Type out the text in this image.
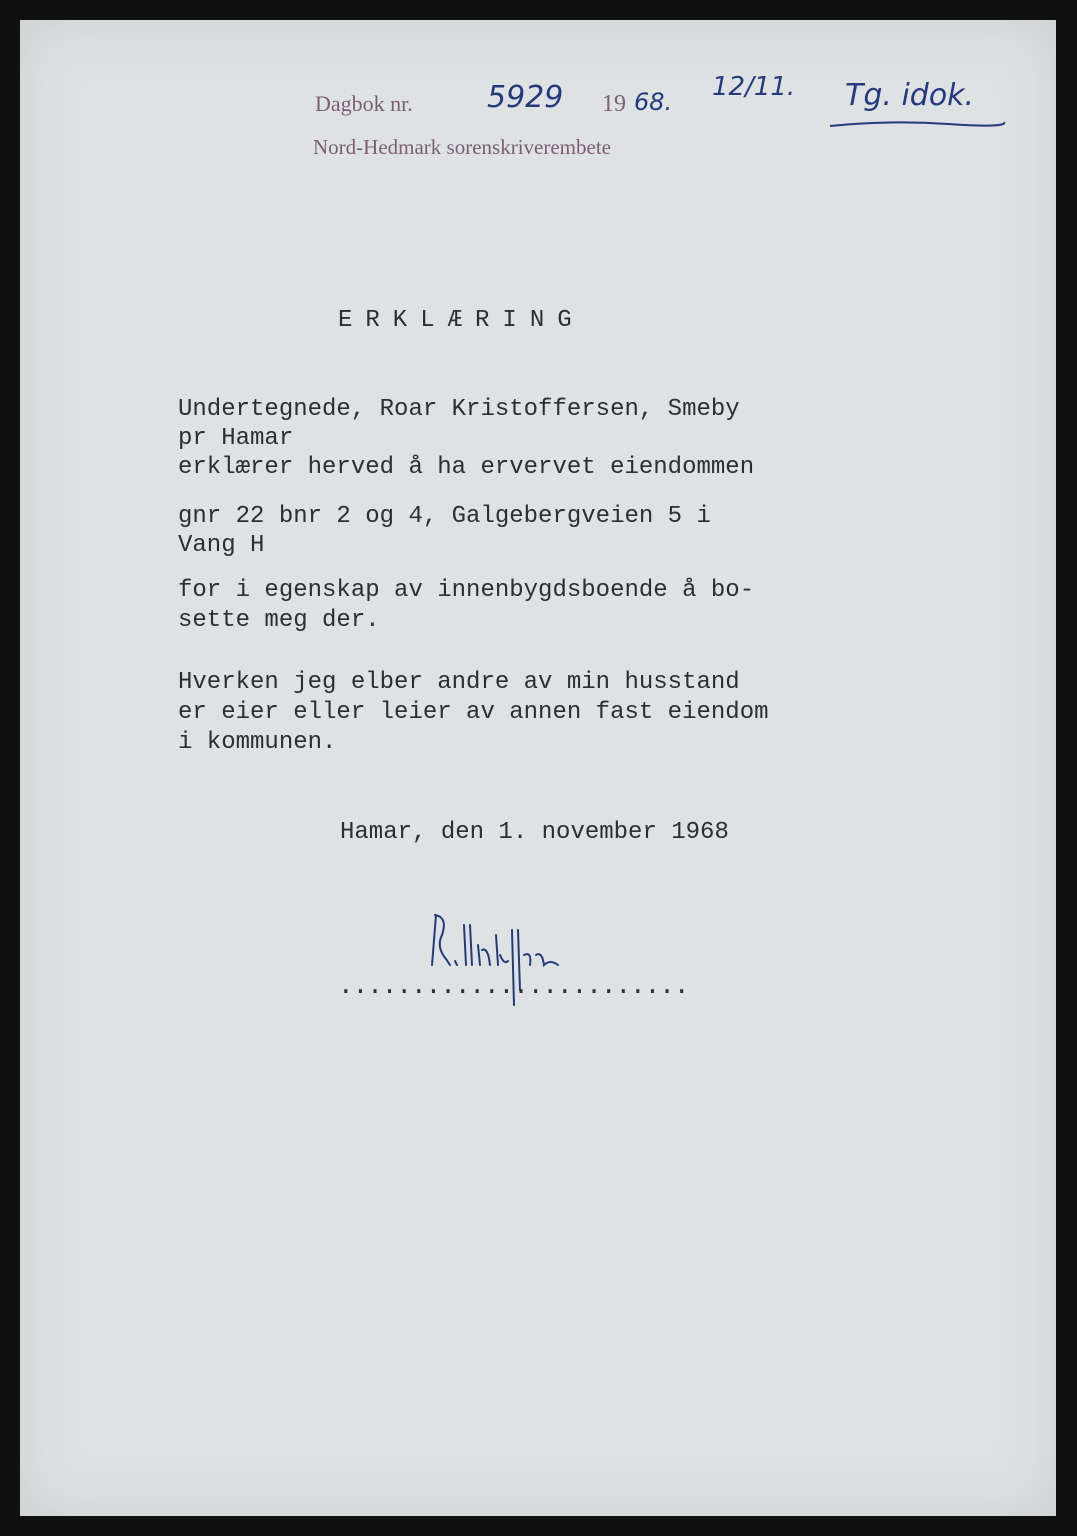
Dagbok nr.
Nord-Hedmark sorenskriverembete
5929 19 68. 12/11. Tg. idok.
ERKLÆRING
Undertegnede, Roar Kristoffersen, Smeby
pr Hamar
erklærer herved å ha ervervet eiendommen
gnr 22 bnr 2 og 4, Galgebergveien 5 i
Vang H
for i egenskap av innenbygdsboende å bo-
sette meg der.
Hverken jeg elber andre av min husstand
er eier eller leier av annen fast eiendom
i kommunen.
Hamar, den 1. november 1968
........................
